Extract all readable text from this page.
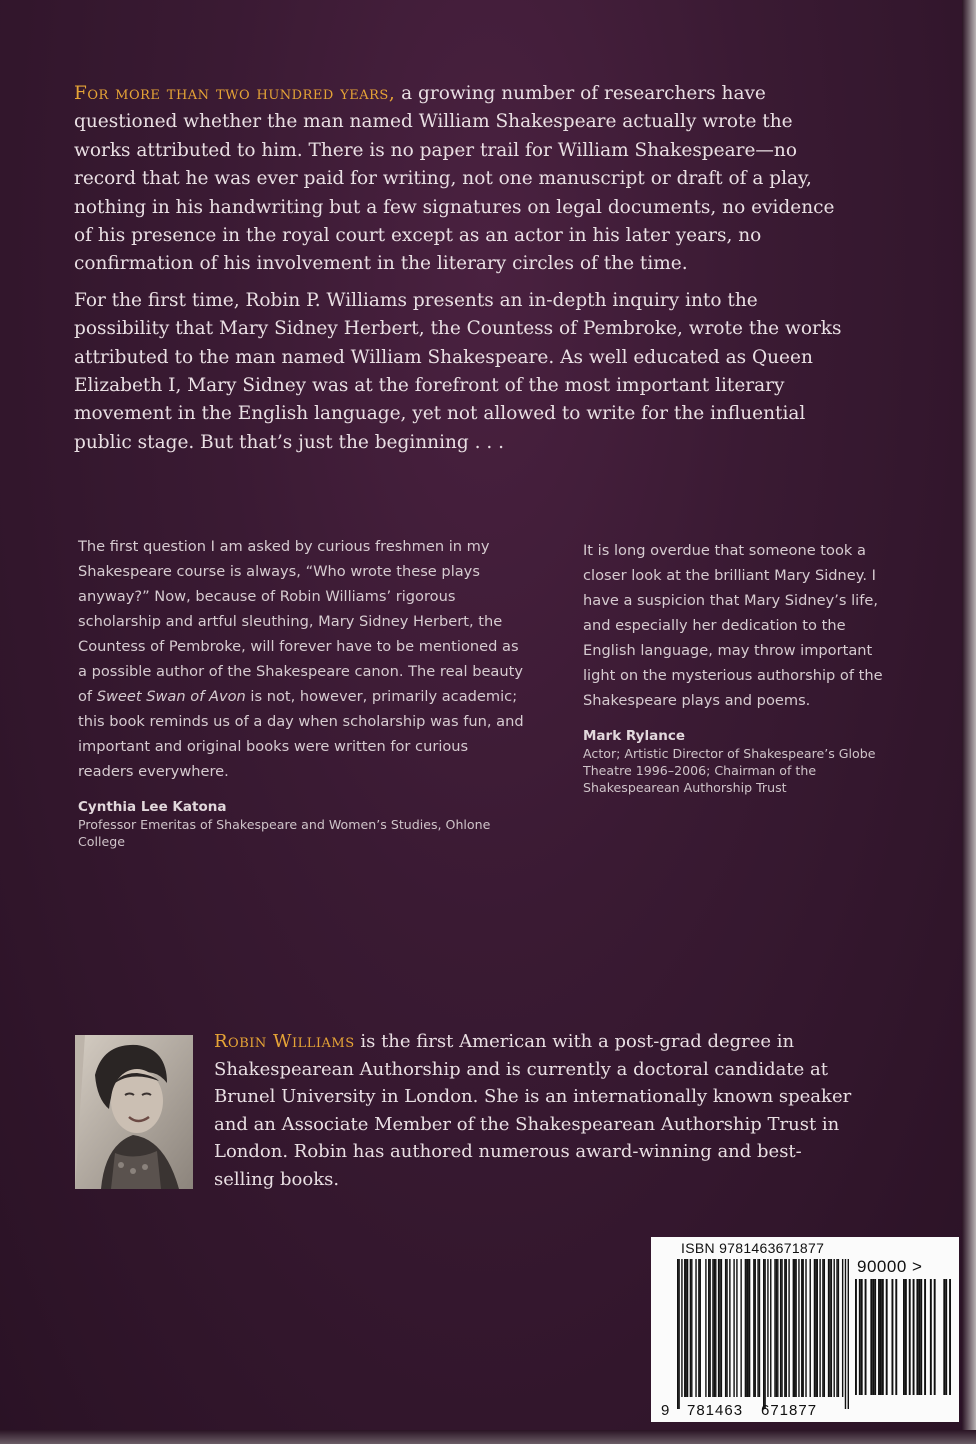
For more than two hundred years, a growing number of researchers have questioned whether the man named William Shakespeare actually wrote the works attributed to him. There is no paper trail for William Shakespeare—no record that he was ever paid for writing, not one manuscript or draft of a play, nothing in his handwriting but a few signatures on legal documents, no evidence of his presence in the royal court except as an actor in his later years, no confirmation of his involvement in the literary circles of the time.

For the first time, Robin P. Williams presents an in-depth inquiry into the possibility that Mary Sidney Herbert, the Countess of Pembroke, wrote the works attributed to the man named William Shakespeare. As well educated as Queen Elizabeth I, Mary Sidney was at the forefront of the most important literary movement in the English language, yet not allowed to write for the influential public stage. But that’s just the beginning . . .

The first question I am asked by curious freshmen in my Shakespeare course is always, “Who wrote these plays anyway?” Now, because of Robin Williams’ rigorous scholarship and artful sleuthing, Mary Sidney Herbert, the Countess of Pembroke, will forever have to be mentioned as a possible author of the Shakespeare canon. The real beauty of Sweet Swan of Avon is not, however, primarily academic; this book reminds us of a day when scholarship was fun, and important and original books were written for curious readers everywhere.

Cynthia Lee Katona

Professor Emeritas of Shakespeare and Women’s Studies, Ohlone College

It is long overdue that someone took a closer look at the brilliant Mary Sidney. I have a suspicion that Mary Sidney’s life, and especially her dedication to the English language, may throw important light on the mysterious authorship of the Shakespeare plays and poems.

Mark Rylance

Actor; Artistic Director of Shakespeare’s Globe Theatre 1996–2006; Chairman of the Shakespearean Authorship Trust

Robin Williams is the first American with a post-grad degree in Shakespearean Authorship and is currently a doctoral candidate at Brunel University in London. She is an internationally known speaker and an Associate Member of the Shakespearean Authorship Trust in London. Robin has authored numerous award-winning and best-selling books.
ISBN 9781463671877
90000 >
9 781463 671877
